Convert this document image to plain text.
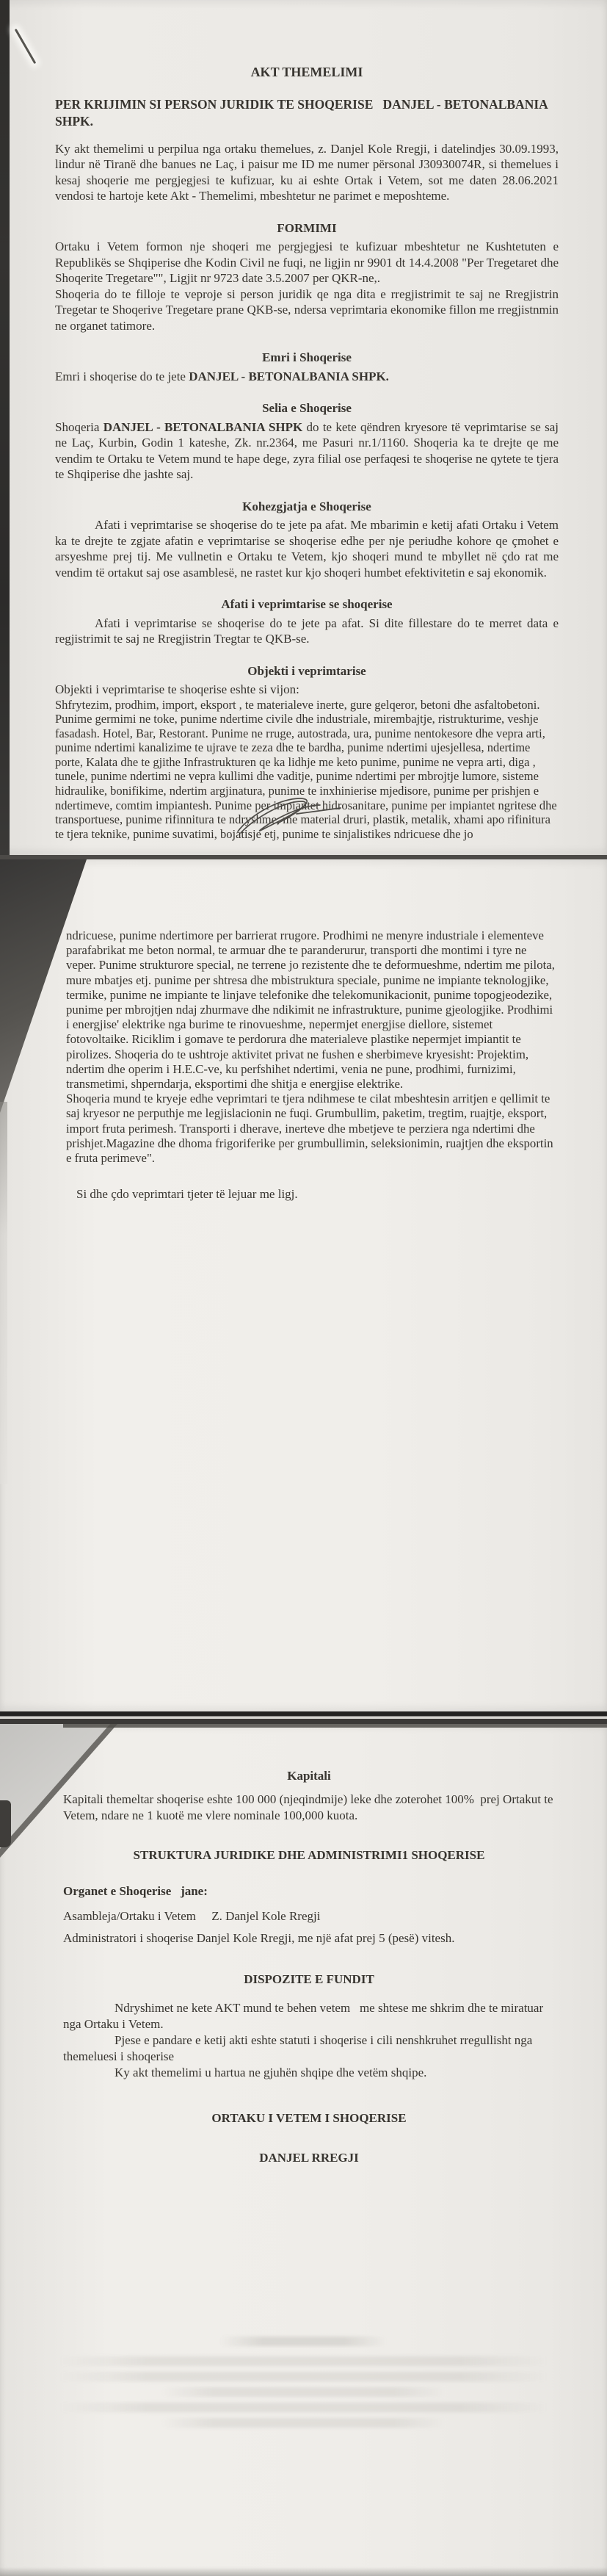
AKT THEMELIMI

PER KRIJIMIN SI PERSON JURIDIK TE SHOQERISE   DANJEL - BETONALBANIA SHPK.

Ky akt themelimi u perpilua nga ortaku themelues, z. Danjel Kole Rregji, i datelindjes 30.09.1993, lindur në Tiranë dhe banues ne Laç, i paisur me ID me numer përsonal J30930074R, si themelues i kesaj shoqerie me pergjegjesi te kufizuar, ku ai eshte Ortak i Vetem, sot me daten 28.06.2021 vendosi te hartoje kete Akt - Themelimi, mbeshtetur ne parimet e meposhteme.

FORMIMI

Ortaku i Vetem formon nje shoqeri me pergjegjesi te kufizuar mbeshtetur ne Kushtetuten e Republikës se Shqiperise dhe Kodin Civil ne fuqi, ne ligjin nr 9901 dt 14.4.2008 "Per Tregetaret dhe Shoqerite Tregetare"", Ligjit nr 9723 date 3.5.2007 per QKR-ne,.

Shoqeria do te filloje te veproje si person juridik qe nga dita e rregjistrimit te saj ne Rregjistrin Tregetar te Shoqerive Tregetare prane QKB-se, ndersa veprimtaria ekonomike fillon me rregjistnmin ne organet tatimore.

Emri i Shoqerise

Emri i shoqerise do te jete DANJEL - BETONALBANIA SHPK.

Selia e Shoqerise

Shoqeria DANJEL - BETONALBANIA SHPK do te kete qëndren kryesore të veprimtarise se saj ne Laç, Kurbin, Godin 1 kateshe, Zk. nr.2364, me Pasuri nr.1/1160. Shoqeria ka te drejte qe me vendim te Ortaku te Vetem mund te hape dege, zyra filial ose perfaqesi te shoqerise ne qytete te tjera te Shqiperise dhe jashte saj.

Kohezgjatja e Shoqerise

Afati i veprimtarise se shoqerise do te jete pa afat. Me mbarimin e ketij afati Ortaku i Vetem ka te drejte te zgjate afatin e veprimtarise se shoqerise edhe per nje periudhe kohore qe çmohet e arsyeshme prej tij. Me vullnetin e Ortaku te Vetem, kjo shoqeri mund te mbyllet në çdo rat me vendim të ortakut saj ose asamblesë, ne rastet kur kjo shoqeri humbet efektivitetin e saj ekonomik.

Afati i veprimtarise se shoqerise

Afati i veprimtarise se shoqerise do te jete pa afat. Si dite fillestare do te merret data e regjistrimit te saj ne Rregjistrin Tregtar te QKB-se.

Objekti i veprimtarise

Objekti i veprimtarise te shoqerise eshte si vijon:

Shfrytezim, prodhim, import, eksport , te materialeve inerte, gure gelqeror, betoni dhe asfaltobetoni. Punime germimi ne toke, punime ndertime civile dhe industriale, mirembajtje, ristrukturime, veshje fasadash. Hotel, Bar, Restorant. Punime ne rruge, autostrada, ura, punime nentokesore dhe vepra arti, punime ndertimi kanalizime te ujrave te zeza dhe te bardha, punime ndertimi ujesjellesa, ndertime porte, Kalata dhe te gjithe Infrastrukturen qe ka lidhje me keto punime, punime ne vepra arti, diga , tunele, punime ndertimi ne vepra kullimi dhe vaditje, punime ndertimi per mbrojtje lumore, sisteme hidraulike, bonifikime, ndertim argjinatura, punime te inxhinierise mjedisore, punime per prishjen e ndertimeve, comtim impiantesh. Punime per impiantet hidrosanitare, punime per impiantet ngritese dhe transportuese, punime rifinnitura te ndryshme, me material druri, plastik, metalik, xhami apo rifinitura te tjera teknike, punime suvatimi, bojatisje etj, punime te sinjalistikes ndricuese dhe jo

ndricuese, punime ndertimore per barrierat rrugore. Prodhimi ne menyre industriale i elementeve parafabrikat me beton normal, te armuar dhe te paranderurur, transporti dhe montimi i tyre ne veper. Punime strukturore special, ne terrene jo rezistente dhe te deformueshme, ndertim me pilota, mure mbatjes etj. punime per shtresa dhe mbistruktura speciale, punime ne impiante teknologjike, termike, punime ne impiante te linjave telefonike dhe telekomunikacionit, punime topogjeodezike, punime per mbrojtjen ndaj zhurmave dhe ndikimit ne infrastrukture, punime gjeologjike. Prodhimi i energjise' elektrike nga burime te rinovueshme, nepermjet energjise diellore, sistemet fotovoltaike. Riciklim i gomave te perdorura dhe materialeve plastike nepermjet impiantit te pirolizes. Shoqeria do te ushtroje aktivitet privat ne fushen e sherbimeve kryesisht: Projektim, ndertim dhe operim i H.E.C-ve, ku perfshihet ndertimi, venia ne pune, prodhimi, furnizimi, transmetimi, shperndarja, eksportimi dhe shitja e energjise elektrike.

Shoqeria mund te kryeje edhe veprimtari te tjera ndihmese te cilat mbeshtesin arritjen e qellimit te saj kryesor ne perputhje me legjislacionin ne fuqi. Grumbullim, paketim, tregtim, ruajtje, eksport, import fruta perimesh. Transporti i dherave, inerteve dhe mbetjeve te perziera nga ndertimi dhe prishjet.Magazine dhe dhoma frigoriferike per grumbullimin, seleksionimin, ruajtjen dhe eksportin e fruta perimeve".

Si dhe çdo veprimtari tjeter të lejuar me ligj.

Kapitali

Kapitali themeltar shoqerise eshte 100 000 (njeqindmije) leke dhe zoterohet 100%  prej Ortakut te Vetem, ndare ne 1 kuotë me vlere nominale 100,000 kuota.

STRUKTURA JURIDIKE DHE ADMINISTRIMI1 SHOQERISE

Organet e Shoqerise   jane:

Asambleja/Ortaku i Vetem     Z. Danjel Kole Rregji

Administratori i shoqerise Danjel Kole Rregji, me një afat prej 5 (pesë) vitesh.

DISPOZITE E FUNDIT

Ndryshimet ne kete AKT mund te behen vetem   me shtese me shkrim dhe te miratuar nga Ortaku i Vetem.

Pjese e pandare e ketij akti eshte statuti i shoqerise i cili nenshkruhet rregullisht nga themeluesi i shoqerise

Ky akt themelimi u hartua ne gjuhën shqipe dhe vetëm shqipe.

ORTAKU I VETEM I SHOQERISE
DANJEL RREGJI
